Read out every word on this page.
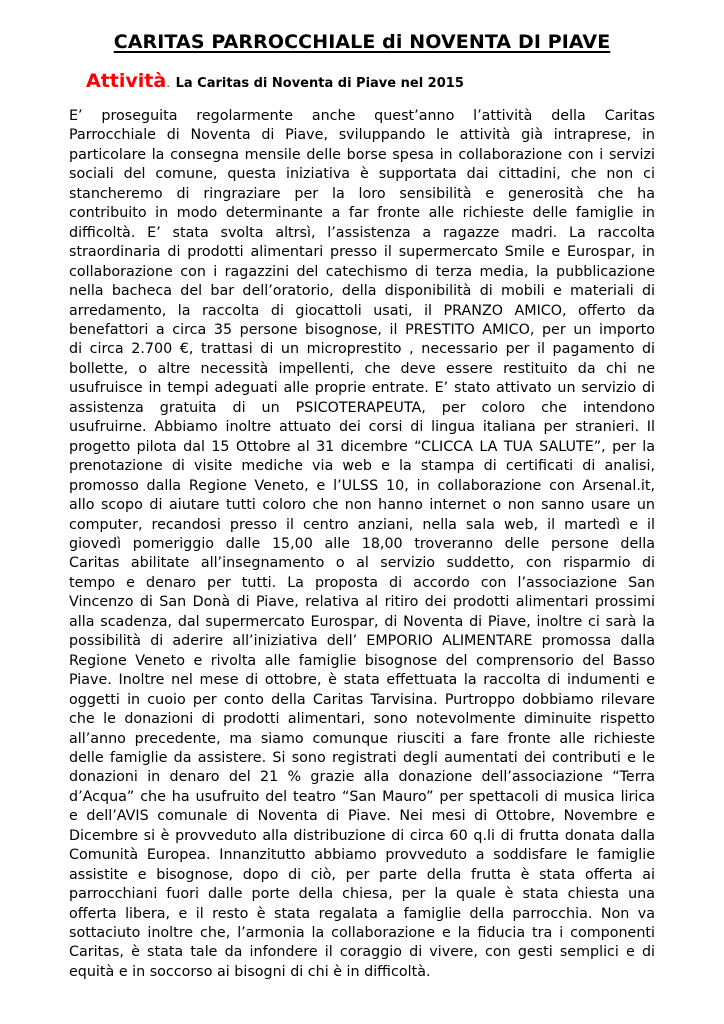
CARITAS PARROCCHIALE di NOVENTA DI PIAVE
Attività. La Caritas di Noventa di Piave nel 2015
E’ proseguita regolarmente anche quest’anno l’attività della Caritas
Parrocchiale di Noventa di Piave, sviluppando le attività già intraprese, in
particolare la consegna mensile delle borse spesa in collaborazione con i servizi
sociali del comune, questa iniziativa è supportata dai cittadini, che non ci
stancheremo di ringraziare per la loro sensibilità e generosità che ha
contribuito in modo determinante a far fronte alle richieste delle famiglie in
difficoltà. E’ stata svolta altrsì, l’assistenza a ragazze madri. La raccolta
straordinaria di prodotti alimentari presso il supermercato Smile e Eurospar, in
collaborazione con i ragazzini del catechismo di terza media, la pubblicazione
nella bacheca del bar dell’oratorio, della disponibilità di mobili e materiali di
arredamento, la raccolta di giocattoli usati, il PRANZO AMICO, offerto da
benefattori a circa 35 persone bisognose, il PRESTITO AMICO, per un importo
di circa 2.700 €, trattasi di un microprestito , necessario per il pagamento di
bollette, o altre necessità impellenti, che deve essere restituito da chi ne
usufruisce in tempi adeguati alle proprie entrate. E’ stato attivato un servizio di
assistenza gratuita di un PSICOTERAPEUTA, per coloro che intendono
usufruirne. Abbiamo inoltre attuato dei corsi di lingua italiana per stranieri. Il
progetto pilota dal 15 Ottobre al 31 dicembre “CLICCA LA TUA SALUTE”, per la
prenotazione di visite mediche via web e la stampa di certificati di analisi,
promosso dalla Regione Veneto, e l’ULSS 10, in collaborazione con Arsenal.it,
allo scopo di aiutare tutti coloro che non hanno internet o non sanno usare un
computer, recandosi presso il centro anziani, nella sala web, il martedì e il
giovedì pomeriggio dalle 15,00 alle 18,00 troveranno delle persone della
Caritas abilitate all’insegnamento o al servizio suddetto, con risparmio di
tempo e denaro per tutti. La proposta di accordo con l’associazione San
Vincenzo di San Donà di Piave, relativa al ritiro dei prodotti alimentari prossimi
alla scadenza, dal supermercato Eurospar, di Noventa di Piave, inoltre ci sarà la
possibilità di aderire all’iniziativa dell’ EMPORIO ALIMENTARE promossa dalla
Regione Veneto e rivolta alle famiglie bisognose del comprensorio del Basso
Piave. Inoltre nel mese di ottobre, è stata effettuata la raccolta di indumenti e
oggetti in cuoio per conto della Caritas Tarvisina. Purtroppo dobbiamo rilevare
che le donazioni di prodotti alimentari, sono notevolmente diminuite rispetto
all’anno precedente, ma siamo comunque riusciti a fare fronte alle richieste
delle famiglie da assistere. Si sono registrati degli aumentati dei contributi e le
donazioni in denaro del 21 % grazie alla donazione dell’associazione “Terra
d’Acqua” che ha usufruito del teatro “San Mauro” per spettacoli di musica lirica
e dell’AVIS comunale di Noventa di Piave. Nei mesi di Ottobre, Novembre e
Dicembre si è provveduto alla distribuzione di circa 60 q.li di frutta donata dalla
Comunità Europea. Innanzitutto abbiamo provveduto a soddisfare le famiglie
assistite e bisognose, dopo di ciò, per parte della frutta è stata offerta ai
parrocchiani fuori dalle porte della chiesa, per la quale è stata chiesta una
offerta libera, e il resto è stata regalata a famiglie della parrocchia. Non va
sottaciuto inoltre che, l’armonia la collaborazione e la fiducia tra i componenti
Caritas, è stata tale da infondere il coraggio di vivere, con gesti semplici e di
equità e in soccorso ai bisogni di chi è in difficoltà.
